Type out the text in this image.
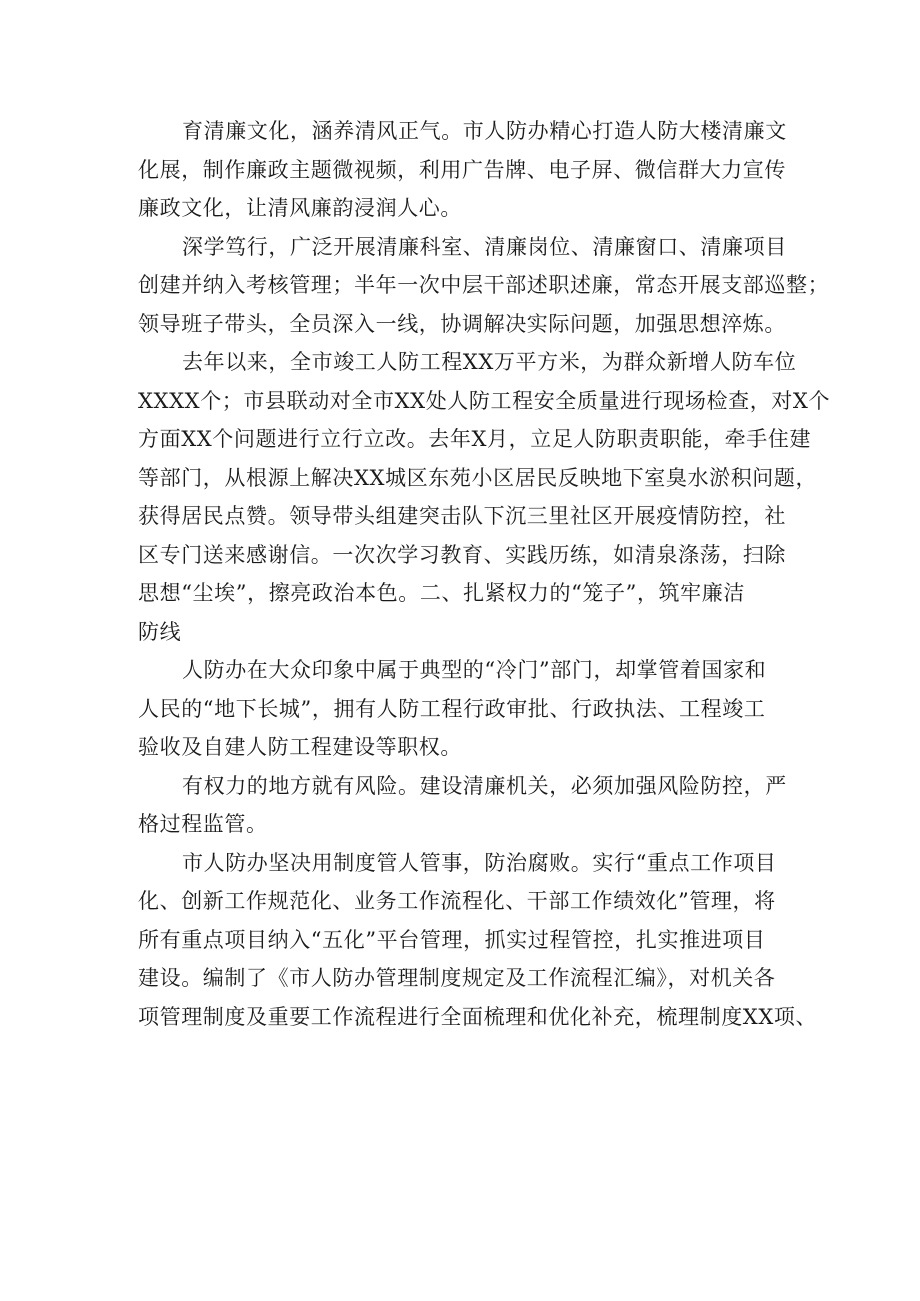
育清廉文化，涵养清风正气。市人防办精心打造人防大楼清廉文
化展，制作廉政主题微视频，利用广告牌、电子屏、微信群大力宣传
廉政文化，让清风廉韵浸润人心。
深学笃行，广泛开展清廉科室、清廉岗位、清廉窗口、清廉项目
创建并纳入考核管理；半年一次中层干部述职述廉，常态开展支部巡整；
领导班子带头，全员深入一线，协调解决实际问题，加强思想淬炼。
去年以来，全市竣工人防工程XX万平方米，为群众新增人防车位
XXXX个；市县联动对全市XX处人防工程安全质量进行现场检查，对X个
方面XX个问题进行立行立改。去年X月，立足人防职责职能，牵手住建
等部门，从根源上解决XX城区东苑小区居民反映地下室臭水淤积问题，
获得居民点赞。领导带头组建突击队下沉三里社区开展疫情防控，社
区专门送来感谢信。一次次学习教育、实践历练，如清泉涤荡，扫除
思想“尘埃”，擦亮政治本色。二、扎紧权力的“笼子”，筑牢廉洁
防线
人防办在大众印象中属于典型的“冷门”部门，却掌管着国家和
人民的“地下长城”，拥有人防工程行政审批、行政执法、工程竣工
验收及自建人防工程建设等职权。
有权力的地方就有风险。建设清廉机关，必须加强风险防控，严
格过程监管。
市人防办坚决用制度管人管事，防治腐败。实行“重点工作项目
化、创新工作规范化、业务工作流程化、干部工作绩效化”管理，将
所有重点项目纳入“五化”平台管理，抓实过程管控，扎实推进项目
建设。编制了《市人防办管理制度规定及工作流程汇编》，对机关各
项管理制度及重要工作流程进行全面梳理和优化补充，梳理制度XX项、
